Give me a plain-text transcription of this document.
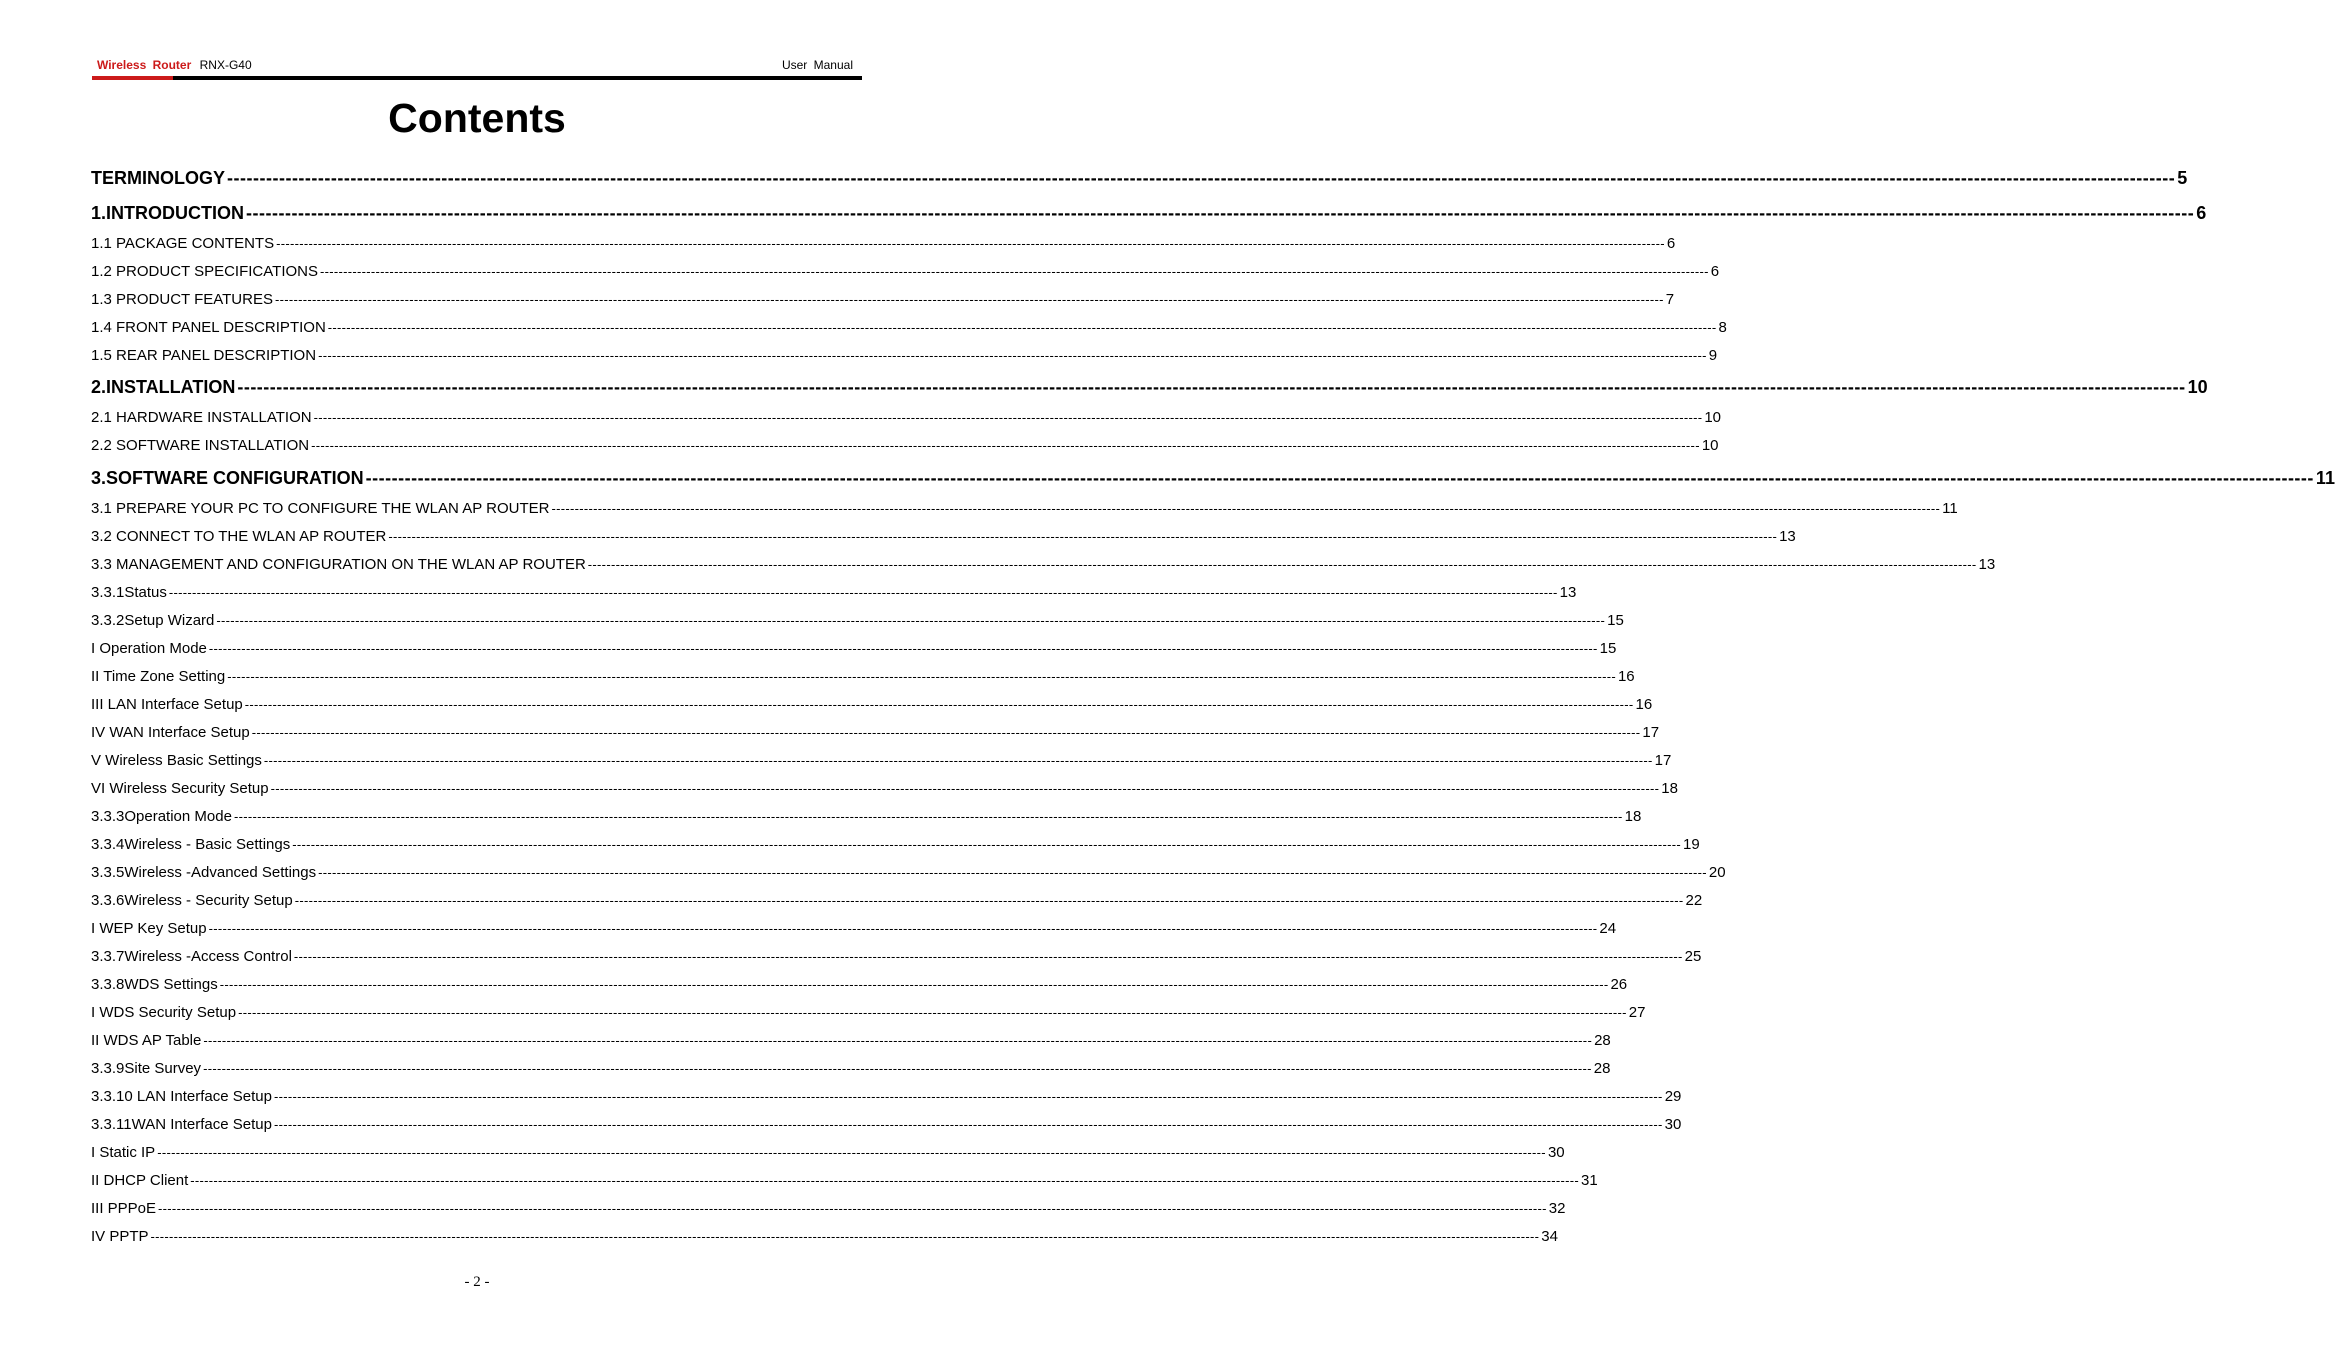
Wireless Router RNX-G40	User Manual
Contents
TERMINOLOGY ------------------------------------------------------------------------------------------------------------------------------------------------------------------------------------------------------------------------------------------------------------------------------------------------------------ 5
1.INTRODUCTION ------------------------------------------------------------------------------------------------------------------------------------------------------------------------------------------------------------------------------------------------------------------------------------------------------------ 6
1.1 PACKAGE CONTENTS ------------------------------------------------------------------------------------------------------------------------------------------------------------------------------------------------------------------------------------------------------------------------------------------------------------ 6
1.2 PRODUCT SPECIFICATIONS ------------------------------------------------------------------------------------------------------------------------------------------------------------------------------------------------------------------------------------------------------------------------------------------------------------ 6
1.3 PRODUCT FEATURES ------------------------------------------------------------------------------------------------------------------------------------------------------------------------------------------------------------------------------------------------------------------------------------------------------------ 7
1.4 FRONT PANEL DESCRIPTION ------------------------------------------------------------------------------------------------------------------------------------------------------------------------------------------------------------------------------------------------------------------------------------------------------------ 8
1.5 REAR PANEL DESCRIPTION ------------------------------------------------------------------------------------------------------------------------------------------------------------------------------------------------------------------------------------------------------------------------------------------------------------ 9
2.INSTALLATION ------------------------------------------------------------------------------------------------------------------------------------------------------------------------------------------------------------------------------------------------------------------------------------------------------------ 10
2.1 HARDWARE INSTALLATION ------------------------------------------------------------------------------------------------------------------------------------------------------------------------------------------------------------------------------------------------------------------------------------------------------------ 10
2.2 SOFTWARE INSTALLATION ------------------------------------------------------------------------------------------------------------------------------------------------------------------------------------------------------------------------------------------------------------------------------------------------------------ 10
3.SOFTWARE CONFIGURATION ------------------------------------------------------------------------------------------------------------------------------------------------------------------------------------------------------------------------------------------------------------------------------------------------------------ 11
3.1 PREPARE YOUR PC TO CONFIGURE THE WLAN AP ROUTER ------------------------------------------------------------------------------------------------------------------------------------------------------------------------------------------------------------------------------------------------------------------------------------------------------------ 11
3.2 CONNECT TO THE WLAN AP ROUTER ------------------------------------------------------------------------------------------------------------------------------------------------------------------------------------------------------------------------------------------------------------------------------------------------------------ 13
3.3 MANAGEMENT AND CONFIGURATION ON THE WLAN AP ROUTER ------------------------------------------------------------------------------------------------------------------------------------------------------------------------------------------------------------------------------------------------------------------------------------------------------------ 13
3.3.1Status ------------------------------------------------------------------------------------------------------------------------------------------------------------------------------------------------------------------------------------------------------------------------------------------------------------ 13
3.3.2Setup Wizard ------------------------------------------------------------------------------------------------------------------------------------------------------------------------------------------------------------------------------------------------------------------------------------------------------------ 15
I Operation Mode ------------------------------------------------------------------------------------------------------------------------------------------------------------------------------------------------------------------------------------------------------------------------------------------------------------ 15
II Time Zone Setting ------------------------------------------------------------------------------------------------------------------------------------------------------------------------------------------------------------------------------------------------------------------------------------------------------------ 16
III LAN Interface Setup ------------------------------------------------------------------------------------------------------------------------------------------------------------------------------------------------------------------------------------------------------------------------------------------------------------ 16
IV WAN Interface Setup ------------------------------------------------------------------------------------------------------------------------------------------------------------------------------------------------------------------------------------------------------------------------------------------------------------ 17
V Wireless Basic Settings ------------------------------------------------------------------------------------------------------------------------------------------------------------------------------------------------------------------------------------------------------------------------------------------------------------ 17
VI Wireless Security Setup ------------------------------------------------------------------------------------------------------------------------------------------------------------------------------------------------------------------------------------------------------------------------------------------------------------ 18
3.3.3Operation Mode ------------------------------------------------------------------------------------------------------------------------------------------------------------------------------------------------------------------------------------------------------------------------------------------------------------ 18
3.3.4Wireless - Basic Settings ------------------------------------------------------------------------------------------------------------------------------------------------------------------------------------------------------------------------------------------------------------------------------------------------------------ 19
3.3.5Wireless -Advanced Settings ------------------------------------------------------------------------------------------------------------------------------------------------------------------------------------------------------------------------------------------------------------------------------------------------------------ 20
3.3.6Wireless - Security Setup ------------------------------------------------------------------------------------------------------------------------------------------------------------------------------------------------------------------------------------------------------------------------------------------------------------ 22
I WEP Key Setup ------------------------------------------------------------------------------------------------------------------------------------------------------------------------------------------------------------------------------------------------------------------------------------------------------------ 24
3.3.7Wireless -Access Control ------------------------------------------------------------------------------------------------------------------------------------------------------------------------------------------------------------------------------------------------------------------------------------------------------------ 25
3.3.8WDS Settings ------------------------------------------------------------------------------------------------------------------------------------------------------------------------------------------------------------------------------------------------------------------------------------------------------------ 26
I WDS Security Setup ------------------------------------------------------------------------------------------------------------------------------------------------------------------------------------------------------------------------------------------------------------------------------------------------------------ 27
II WDS AP Table ------------------------------------------------------------------------------------------------------------------------------------------------------------------------------------------------------------------------------------------------------------------------------------------------------------ 28
3.3.9Site Survey ------------------------------------------------------------------------------------------------------------------------------------------------------------------------------------------------------------------------------------------------------------------------------------------------------------ 28
3.3.10 LAN Interface Setup ------------------------------------------------------------------------------------------------------------------------------------------------------------------------------------------------------------------------------------------------------------------------------------------------------------ 29
3.3.11WAN Interface Setup ------------------------------------------------------------------------------------------------------------------------------------------------------------------------------------------------------------------------------------------------------------------------------------------------------------ 30
I Static IP ------------------------------------------------------------------------------------------------------------------------------------------------------------------------------------------------------------------------------------------------------------------------------------------------------------ 30
II DHCP Client ------------------------------------------------------------------------------------------------------------------------------------------------------------------------------------------------------------------------------------------------------------------------------------------------------------ 31
III PPPoE ------------------------------------------------------------------------------------------------------------------------------------------------------------------------------------------------------------------------------------------------------------------------------------------------------------ 32
IV PPTP ------------------------------------------------------------------------------------------------------------------------------------------------------------------------------------------------------------------------------------------------------------------------------------------------------------ 34
- 2 -
